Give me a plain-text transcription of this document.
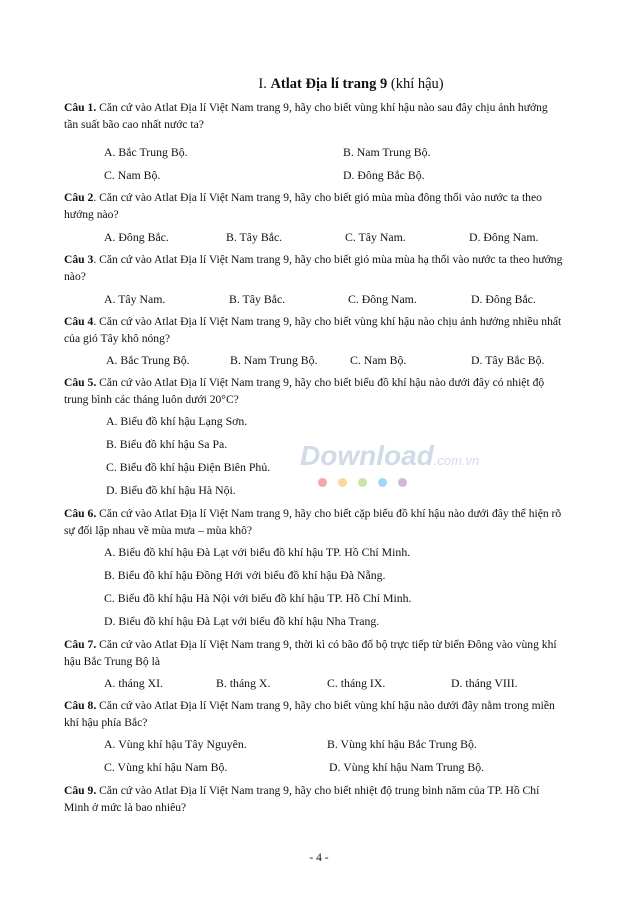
I. Atlat Địa lí trang 9 (khí hậu)
Download.com.vn

Câu 1. Căn cứ vào Atlat Địa lí Việt Nam trang 9, hãy cho biết vùng khí hậu nào sau đây chịu ảnh hưởng tần suất bão cao nhất nước ta?
A. Bắc Trung Bộ.	B. Nam Trung Bộ.
C. Nam Bộ.	D. Đông Bắc Bộ.
Câu 2. Căn cứ vào Atlat Địa lí Việt Nam trang 9, hãy cho biết gió mùa mùa đông thổi vào nước ta theo hướng nào?
A. Đông Bắc.	B. Tây Bắc.	C. Tây Nam.	D. Đông Nam.
Câu 3. Căn cứ vào Atlat Địa lí Việt Nam trang 9, hãy cho biết gió mùa mùa hạ thổi vào nước ta theo hướng nào?
A. Tây Nam.	B. Tây Bắc.	C. Đông Nam.	D. Đông Bắc.
Câu 4. Căn cứ vào Atlat Địa lí Việt Nam trang 9, hãy cho biết vùng khí hậu nào chịu ảnh hưởng nhiều nhất của gió Tây khô nóng?
A. Bắc Trung Bộ.	B. Nam Trung Bộ.	C. Nam Bộ.	D. Tây Bắc Bộ.
Câu 5. Căn cứ vào Atlat Địa lí Việt Nam trang 9, hãy cho biết biểu đồ khí hậu nào dưới đây có nhiệt độ trung bình các tháng luôn dưới 20°C?
A. Biểu đồ khí hậu Lạng Sơn.
B. Biểu đồ khí hậu Sa Pa.
C. Biểu đồ khí hậu Điện Biên Phủ.
D. Biểu đồ khí hậu Hà Nội.
Câu 6. Căn cứ vào Atlat Địa lí Việt Nam trang 9, hãy cho biết cặp biểu đồ khí hậu nào dưới đây thể hiện rõ sự đối lập nhau về mùa mưa – mùa khô?
A. Biểu đồ khí hậu Đà Lạt với biểu đồ khí hậu TP. Hồ Chí Minh.
B. Biểu đồ khí hậu Đồng Hới với biểu đồ khí hậu Đà Nẵng.
C. Biểu đồ khí hậu Hà Nội với biểu đồ khí hậu TP. Hồ Chí Minh.
D. Biểu đồ khí hậu Đà Lạt với biểu đồ khí hậu Nha Trang.
Câu 7. Căn cứ vào Atlat Địa lí Việt Nam trang 9, thời kì có bão đổ bộ trực tiếp từ biển Đông vào vùng khí hậu Bắc Trung Bộ là
A. tháng XI.	B. tháng X.	C. tháng IX.	D. tháng VIII.
Câu 8. Căn cứ vào Atlat Địa lí Việt Nam trang 9, hãy cho biết vùng khí hậu nào dưới đây nằm trong miền khí hậu phía Bắc?
A. Vùng khí hậu Tây Nguyên.	B. Vùng khí hậu Bắc Trung Bộ.
C. Vùng khí hậu Nam Bộ.	D. Vùng khí hậu Nam Trung Bộ.
Câu 9. Căn cứ vào Atlat Địa lí Việt Nam trang 9, hãy cho biết nhiệt độ trung bình năm của TP. Hồ Chí Minh ở mức là bao nhiêu?
- 4 -
